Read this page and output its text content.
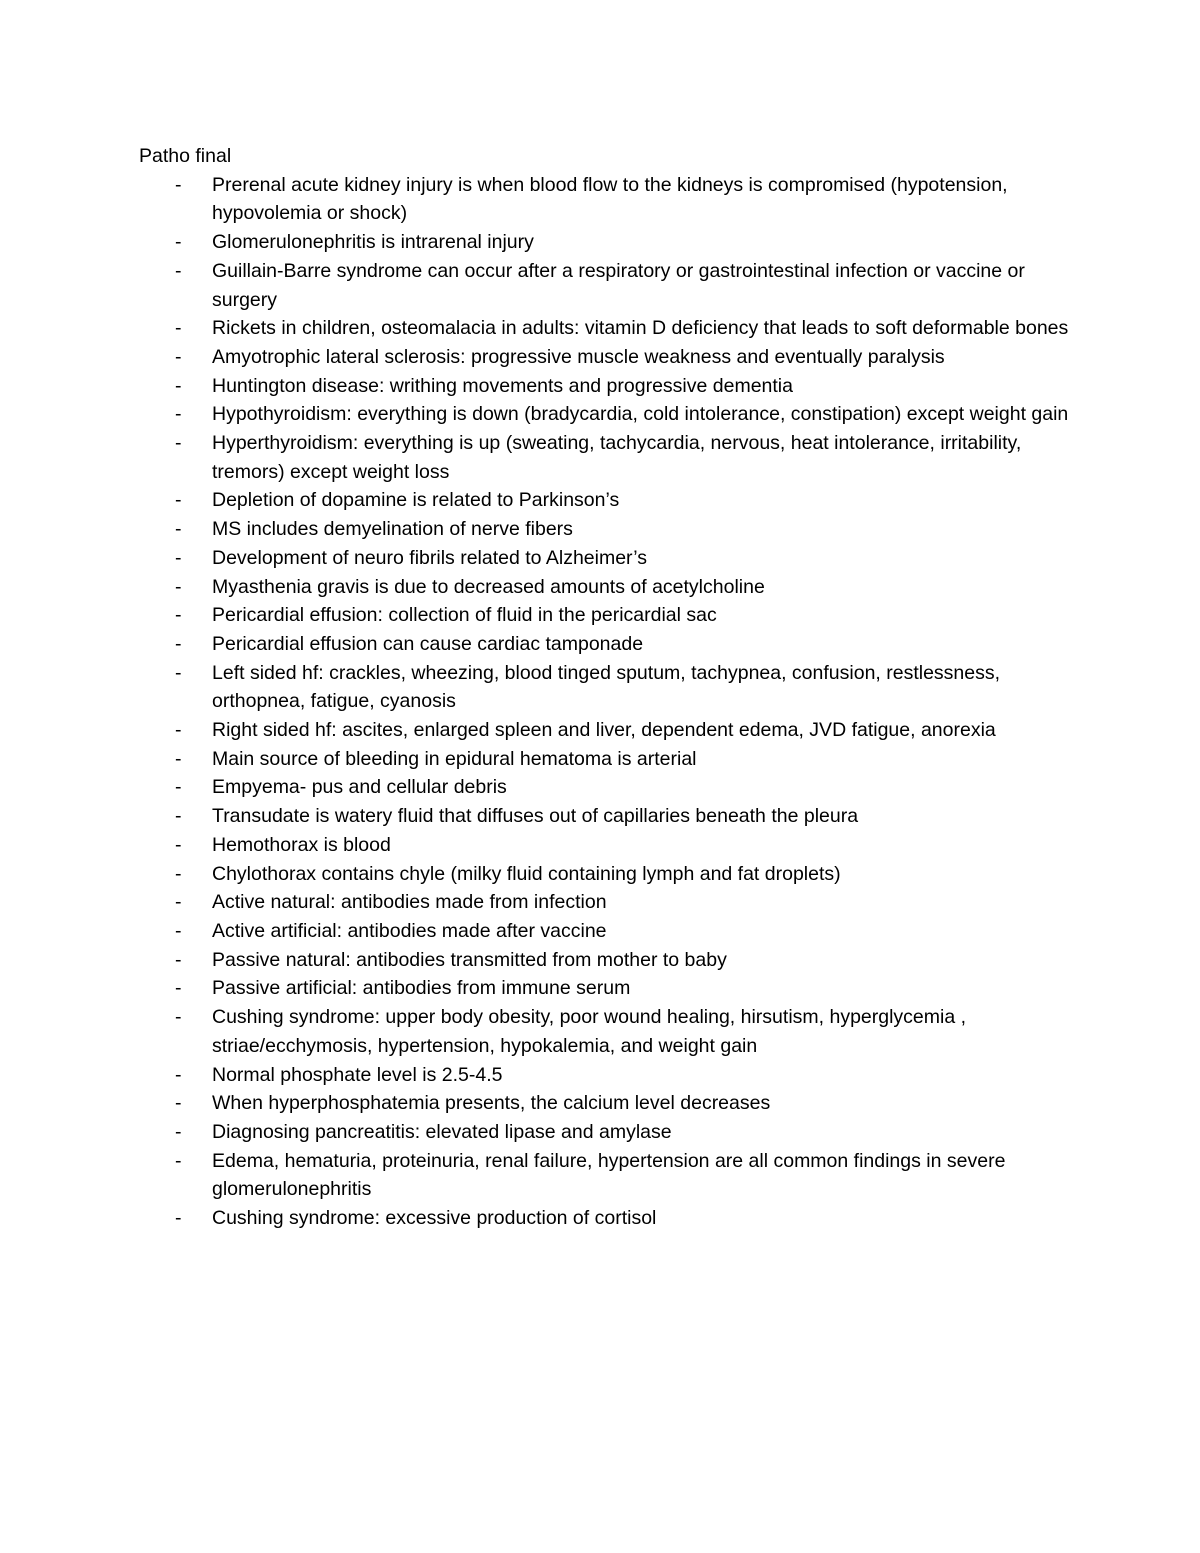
Patho final
- Prerenal acute kidney injury is when blood flow to the kidneys is compromised (hypotension, hypovolemia or shock)
- Glomerulonephritis is intrarenal injury
- Guillain-Barre syndrome can occur after a respiratory or gastrointestinal infection or vaccine or surgery
- Rickets in children, osteomalacia in adults: vitamin D deficiency that leads to soft deformable bones
- Amyotrophic lateral sclerosis: progressive muscle weakness and eventually paralysis
- Huntington disease: writhing movements and progressive dementia
- Hypothyroidism: everything is down (bradycardia, cold intolerance, constipation) except weight gain
- Hyperthyroidism: everything is up (sweating, tachycardia, nervous, heat intolerance, irritability, tremors) except weight loss
- Depletion of dopamine is related to Parkinson’s
- MS includes demyelination of nerve fibers
- Development of neuro fibrils related to Alzheimer’s
- Myasthenia gravis is due to decreased amounts of acetylcholine
- Pericardial effusion: collection of fluid in the pericardial sac
- Pericardial effusion can cause cardiac tamponade
- Left sided hf: crackles, wheezing, blood tinged sputum, tachypnea, confusion, restlessness, orthopnea, fatigue, cyanosis
- Right sided hf: ascites, enlarged spleen and liver, dependent edema, JVD fatigue, anorexia
- Main source of bleeding in epidural hematoma is arterial
- Empyema- pus and cellular debris
- Transudate is watery fluid that diffuses out of capillaries beneath the pleura
- Hemothorax is blood
- Chylothorax contains chyle (milky fluid containing lymph and fat droplets)
- Active natural: antibodies made from infection
- Active artificial: antibodies made after vaccine
- Passive natural: antibodies transmitted from mother to baby
- Passive artificial: antibodies from immune serum
- Cushing syndrome: upper body obesity, poor wound healing, hirsutism, hyperglycemia , striae/ecchymosis, hypertension, hypokalemia, and weight gain
- Normal phosphate level is 2.5-4.5
- When hyperphosphatemia presents, the calcium level decreases
- Diagnosing pancreatitis: elevated lipase and amylase
- Edema, hematuria, proteinuria, renal failure, hypertension are all common findings in severe glomerulonephritis
- Cushing syndrome: excessive production of cortisol
